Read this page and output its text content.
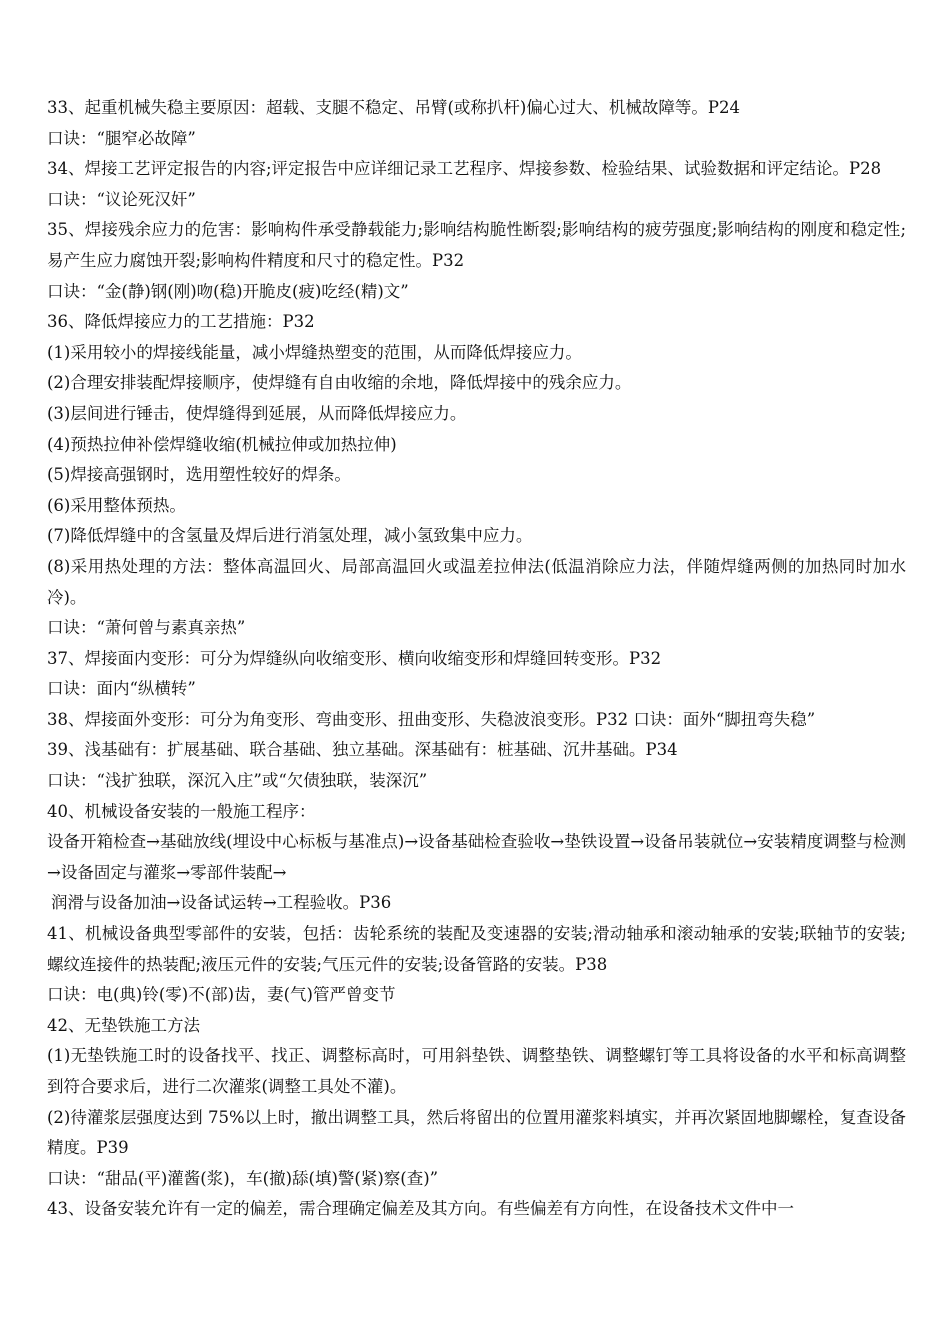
33、起重机械失稳主要原因：超载、支腿不稳定、吊臂(或称扒杆)偏心过大、机械故障等。P24

口诀：“腿窄必故障”

34、焊接工艺评定报告的内容;评定报告中应详细记录工艺程序、焊接参数、检验结果、试验数据和评定结论。P28

口诀：“议论死汉奸”

35、焊接残余应力的危害：影响构件承受静载能力;影响结构脆性断裂;影响结构的疲劳强度;影响结构的刚度和稳定性;易产生应力腐蚀开裂;影响构件精度和尺寸的稳定性。P32

口诀：“金(静)钢(刚)吻(稳)开脆皮(疲)吃经(精)文”

36、降低焊接应力的工艺措施：P32

(1)采用较小的焊接线能量，减小焊缝热塑变的范围，从而降低焊接应力。

(2)合理安排装配焊接顺序，使焊缝有自由收缩的余地，降低焊接中的残余应力。

(3)层间进行锤击，使焊缝得到延展，从而降低焊接应力。

(4)预热拉伸补偿焊缝收缩(机械拉伸或加热拉伸)

(5)焊接高强钢时，选用塑性较好的焊条。

(6)采用整体预热。

(7)降低焊缝中的含氢量及焊后进行消氢处理，减小氢致集中应力。

(8)采用热处理的方法：整体高温回火、局部高温回火或温差拉伸法(低温消除应力法，伴随焊缝两侧的加热同时加水冷)。

口诀：“萧何曾与素真亲热”

37、焊接面内变形：可分为焊缝纵向收缩变形、横向收缩变形和焊缝回转变形。P32

口诀：面内“纵横转”

38、焊接面外变形：可分为角变形、弯曲变形、扭曲变形、失稳波浪变形。P32 口诀：面外“脚扭弯失稳”

39、浅基础有：扩展基础、联合基础、独立基础。深基础有：桩基础、沉井基础。P34

口诀：“浅扩独联，深沉入庄”或“欠债独联，装深沉”

40、机械设备安装的一般施工程序：

设备开箱检查→基础放线(埋设中心标板与基准点)→设备基础检查验收→垫铁设置→设备吊装就位→安装精度调整与检测→设备固定与灌浆→零部件装配→

润滑与设备加油→设备试运转→工程验收。P36

41、机械设备典型零部件的安装，包括：齿轮系统的装配及变速器的安装;滑动轴承和滚动轴承的安装;联轴节的安装;螺纹连接件的热装配;液压元件的安装;气压元件的安装;设备管路的安装。P38

口诀：电(典)铃(零)不(部)齿，妻(气)管严曾变节

42、无垫铁施工方法

(1)无垫铁施工时的设备找平、找正、调整标高时，可用斜垫铁、调整垫铁、调整螺钉等工具将设备的水平和标高调整到符合要求后，进行二次灌浆(调整工具处不灌)。

(2)待灌浆层强度达到 75%以上时，撤出调整工具，然后将留出的位置用灌浆料填实，并再次紧固地脚螺栓，复查设备精度。P39

口诀：“甜品(平)灌酱(浆)，车(撤)舔(填)警(紧)察(查)”

43、设备安装允许有一定的偏差，需合理确定偏差及其方向。有些偏差有方向性，在设备技术文件中一
